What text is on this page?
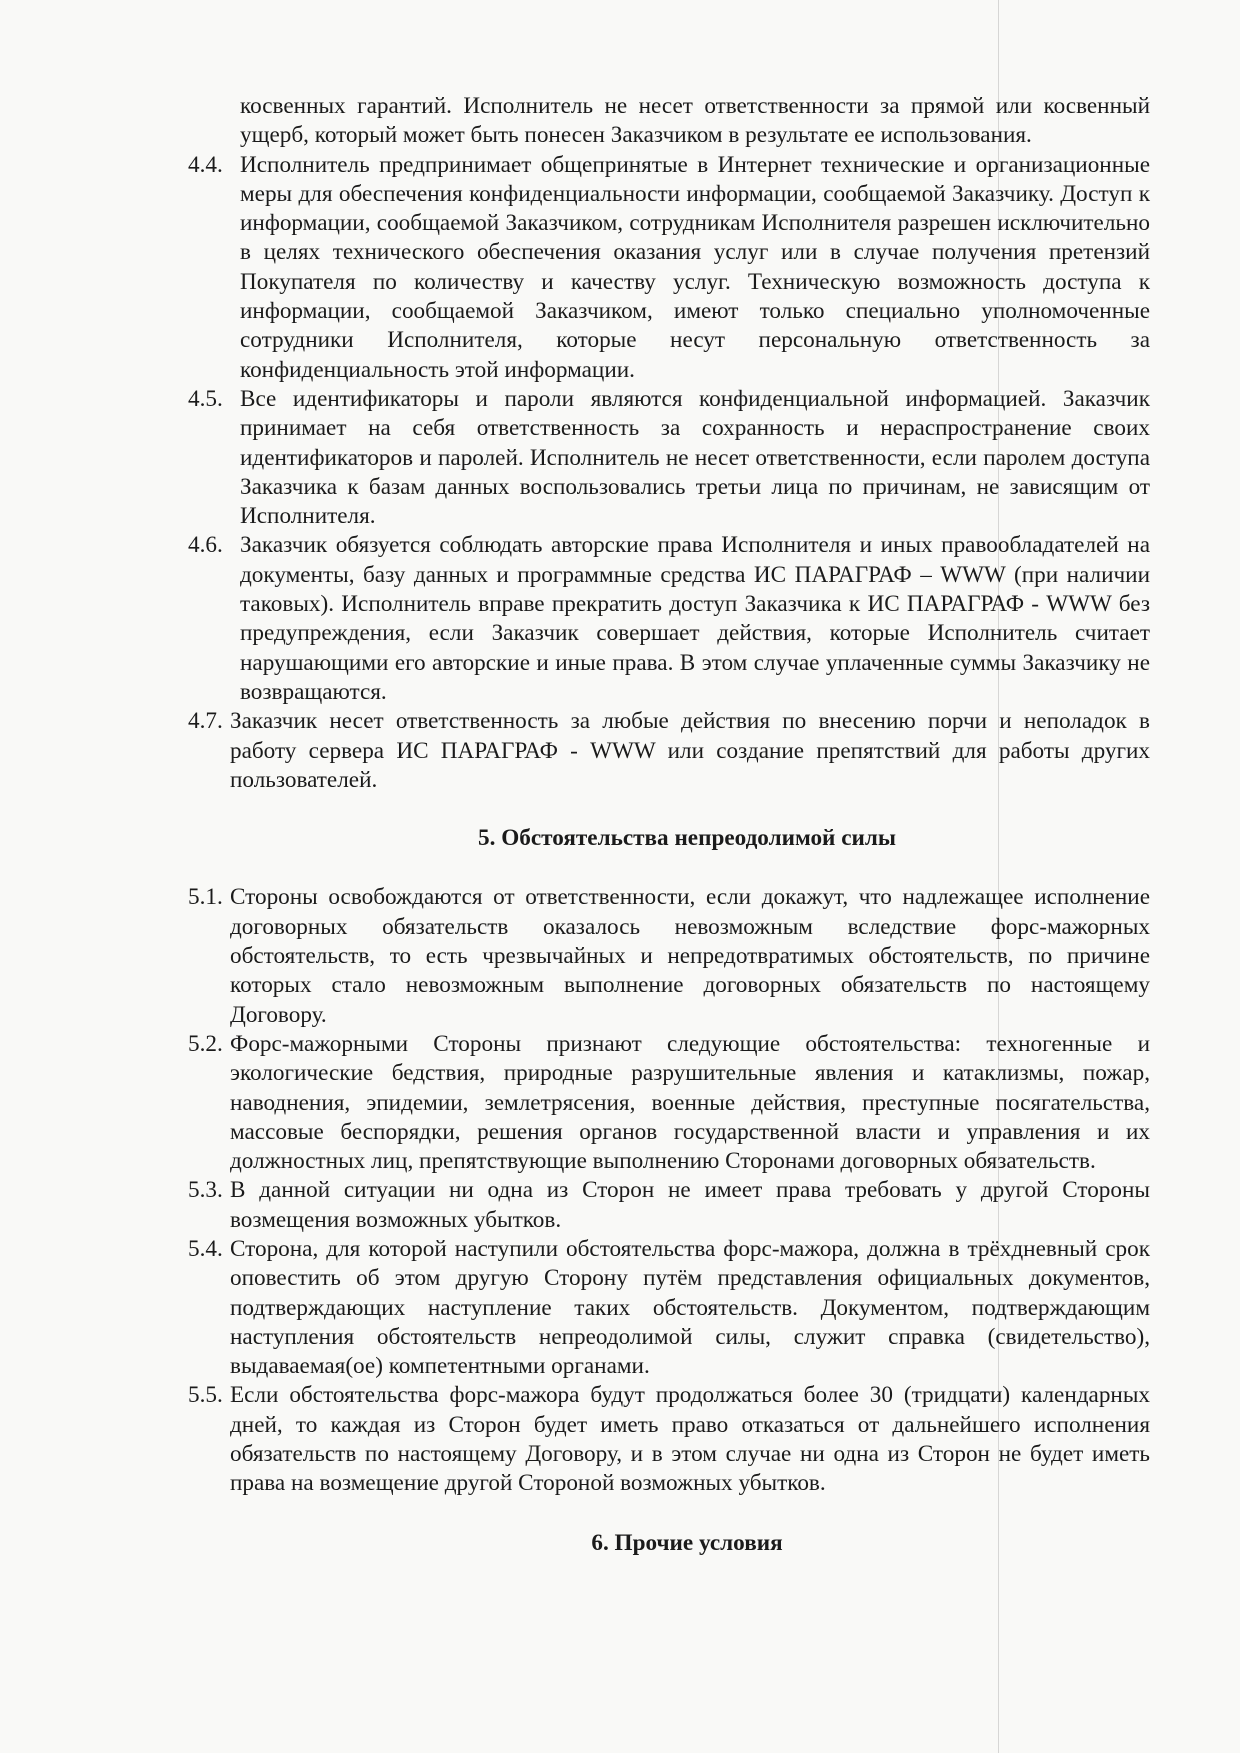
косвенных гарантий. Исполнитель не несет ответственности за прямой или косвенный ущерб, который может быть понесен Заказчиком в результате ее использования.

4.4. Исполнитель предпринимает общепринятые в Интернет технические и организационные меры для обеспечения конфиденциальности информации, сообщаемой Заказчику. Доступ к информации, сообщаемой Заказчиком, сотрудникам Исполнителя разрешен исключительно в целях технического обеспечения оказания услуг или в случае получения претензий Покупателя по количеству и качеству услуг. Техническую возможность доступа к информации, сообщаемой Заказчиком, имеют только специально уполномоченные сотрудники Исполнителя, которые несут персональную ответственность за конфиденциальность этой информации.
4.5. Все идентификаторы и пароли являются конфиденциальной информацией. Заказчик принимает на себя ответственность за сохранность и нераспространение своих идентификаторов и паролей. Исполнитель не несет ответственности, если паролем доступа Заказчика к базам данных воспользовались третьи лица по причинам, не зависящим от Исполнителя.
4.6. Заказчик обязуется соблюдать авторские права Исполнителя и иных правообладателей на документы, базу данных и программные средства ИС ПАРАГРАФ – WWW (при наличии таковых). Исполнитель вправе прекратить доступ Заказчика к ИС ПАРАГРАФ - WWW без предупреждения, если Заказчик совершает действия, которые Исполнитель считает нарушающими его авторские и иные права. В этом случае уплаченные суммы Заказчику не возвращаются.
4.7. Заказчик несет ответственность за любые действия по внесению порчи и неполадок в работу сервера ИС ПАРАГРАФ - WWW или создание препятствий для работы других пользователей.
5. Обстоятельства непреодолимой силы
5.1. Стороны освобождаются от ответственности, если докажут, что надлежащее исполнение договорных обязательств оказалось невозможным вследствие форс-мажорных обстоятельств, то есть чрезвычайных и непредотвратимых обстоятельств, по причине которых стало невозможным выполнение договорных обязательств по настоящему Договору.
5.2. Форс-мажорными Стороны признают следующие обстоятельства: техногенные и экологические бедствия, природные разрушительные явления и катаклизмы, пожар, наводнения, эпидемии, землетрясения, военные действия, преступные посягательства, массовые беспорядки, решения органов государственной власти и управления и их должностных лиц, препятствующие выполнению Сторонами договорных обязательств.
5.3. В данной ситуации ни одна из Сторон не имеет права требовать у другой Стороны возмещения возможных убытков.
5.4. Сторона, для которой наступили обстоятельства форс-мажора, должна в трёхдневный срок оповестить об этом другую Сторону путём представления официальных документов, подтверждающих наступление таких обстоятельств. Документом, подтверждающим наступления обстоятельств непреодолимой силы, служит справка (свидетельство), выдаваемая(ое) компетентными органами.
5.5. Если обстоятельства форс-мажора будут продолжаться более 30 (тридцати) календарных дней, то каждая из Сторон будет иметь право отказаться от дальнейшего исполнения обязательств по настоящему Договору, и в этом случае ни одна из Сторон не будет иметь права на возмещение другой Стороной возможных убытков.
6. Прочие условия
